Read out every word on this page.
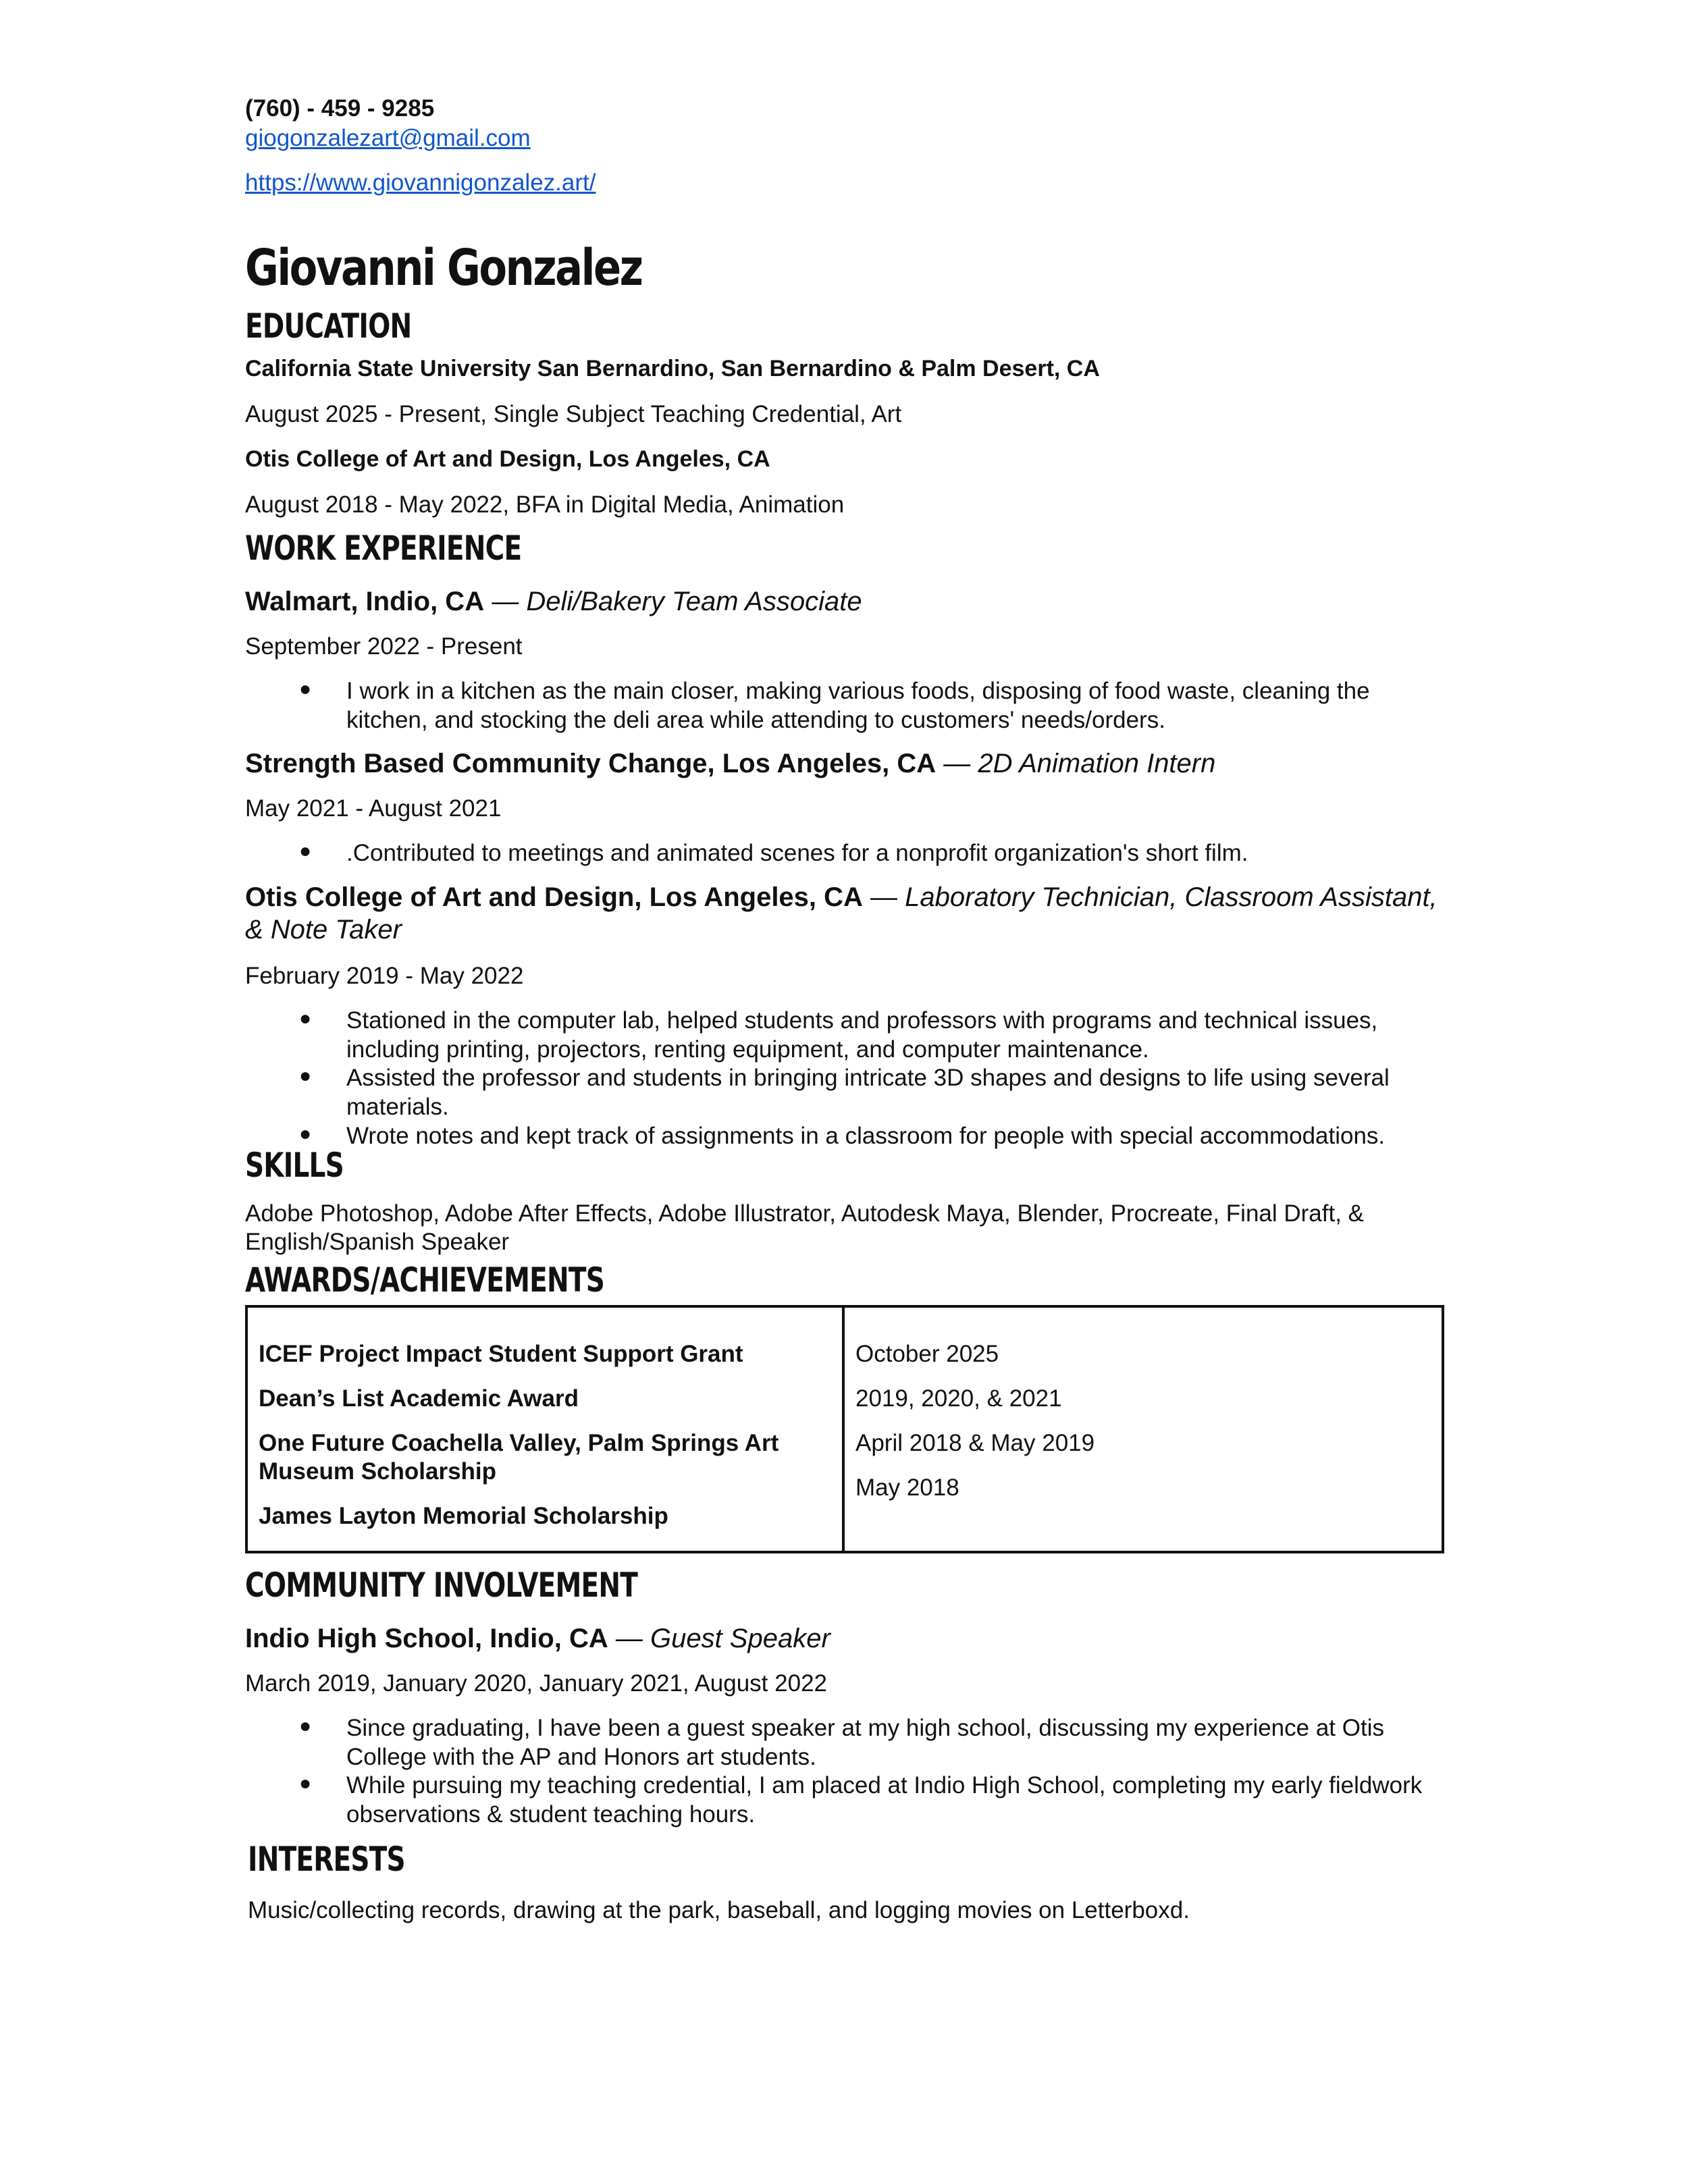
(760) - 459 - 9285

giogonzalezart@gmail.com
https://www.giovannigonzalez.art/
Giovanni Gonzalez
EDUCATION

California State University San Bernardino, San Bernardino & Palm Desert, CA

August 2025 - Present, Single Subject Teaching Credential, Art

Otis College of Art and Design, Los Angeles, CA

August 2018 - May 2022, BFA in Digital Media, Animation

WORK EXPERIENCE

Walmart, Indio, CA — Deli/Bakery Team Associate

September 2022 - Present

● I work in a kitchen as the main closer, making various foods, disposing of food waste, cleaning the kitchen, and stocking the deli area while attending to customers' needs/orders.

Strength Based Community Change, Los Angeles, CA — 2D Animation Intern

May 2021 - August 2021

● .Contributed to meetings and animated scenes for a nonprofit organization's short film.

Otis College of Art and Design, Los Angeles, CA — Laboratory Technician, Classroom Assistant, & Note Taker

February 2019 - May 2022

● Stationed in the computer lab, helped students and professors with programs and technical issues, including printing, projectors, renting equipment, and computer maintenance.
● Assisted the professor and students in bringing intricate 3D shapes and designs to life using several materials.
● Wrote notes and kept track of assignments in a classroom for people with special accommodations.
SKILLS

Adobe Photoshop, Adobe After Effects, Adobe Illustrator, Autodesk Maya, Blender, Procreate, Final Draft, & English/Spanish Speaker

AWARDS/ACHIEVEMENTS

ICEF Project Impact Student Support Grant

Dean’s List Academic Award

One Future Coachella Valley, Palm Springs Art Museum Scholarship

James Layton Memorial Scholarship

October 2025

2019, 2020, & 2021

April 2018 & May 2019

May 2018

COMMUNITY INVOLVEMENT

Indio High School, Indio, CA — Guest Speaker

March 2019, January 2020, January 2021, August 2022

● Since graduating, I have been a guest speaker at my high school, discussing my experience at Otis College with the AP and Honors art students.
● While pursuing my teaching credential, I am placed at Indio High School, completing my early fieldwork observations & student teaching hours.
INTERESTS

Music/collecting records, drawing at the park, baseball, and logging movies on Letterboxd.
